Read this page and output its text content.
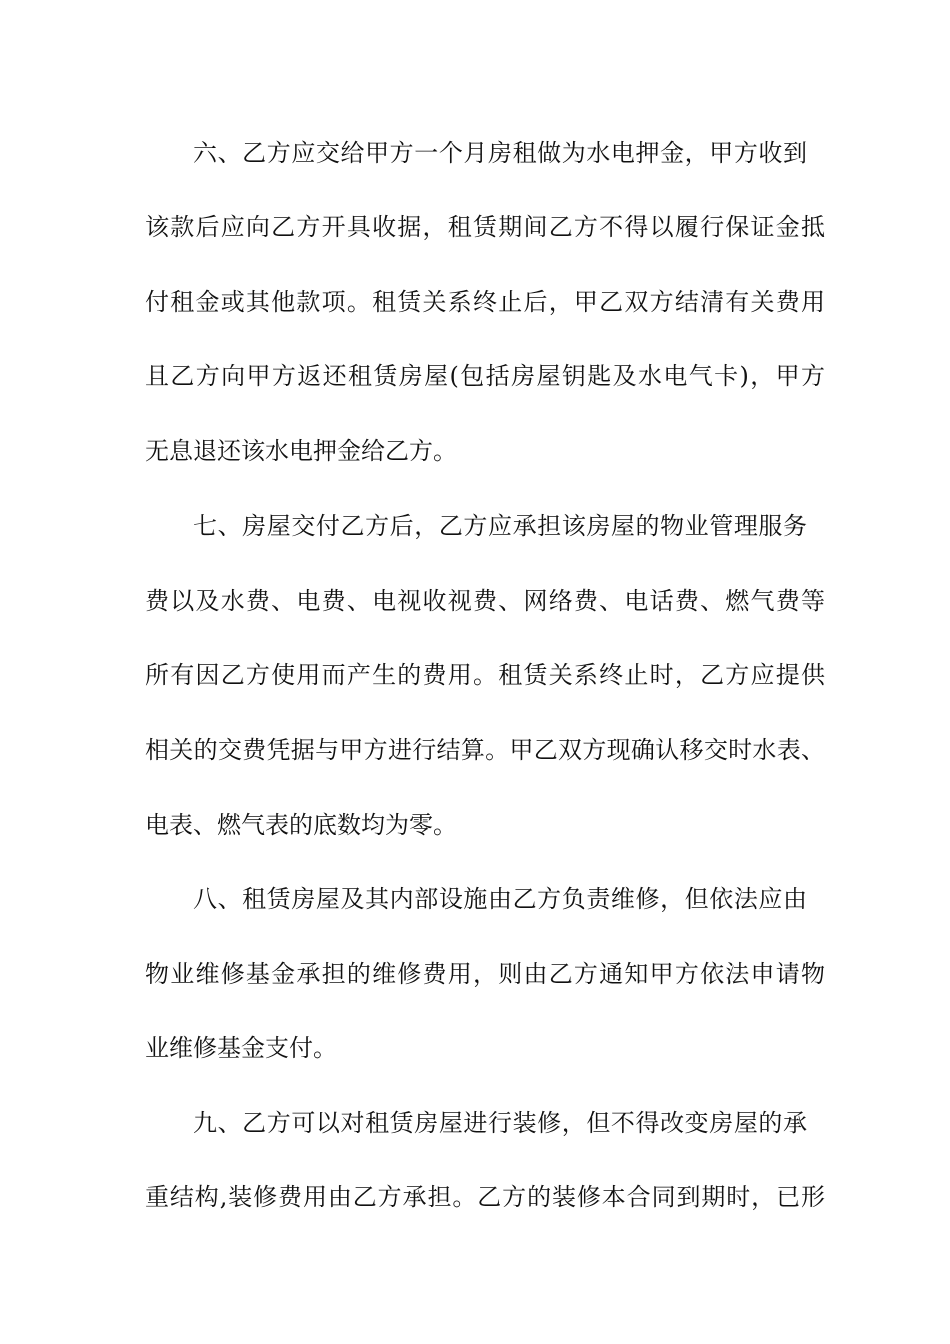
六、乙方应交给甲方一个月房租做为水电押金，甲方收到
该款后应向乙方开具收据，租赁期间乙方不得以履行保证金抵
付租金或其他款项。租赁关系终止后，甲乙双方结清有关费用
且乙方向甲方返还租赁房屋(包括房屋钥匙及水电气卡)，甲方
无息退还该水电押金给乙方。
七、房屋交付乙方后，乙方应承担该房屋的物业管理服务
费以及水费、电费、电视收视费、网络费、电话费、燃气费等
所有因乙方使用而产生的费用。租赁关系终止时，乙方应提供
相关的交费凭据与甲方进行结算。甲乙双方现确认移交时水表、
电表、燃气表的底数均为零。
八、租赁房屋及其内部设施由乙方负责维修，但依法应由
物业维修基金承担的维修费用，则由乙方通知甲方依法申请物
业维修基金支付。
九、乙方可以对租赁房屋进行装修，但不得改变房屋的承
重结构,装修费用由乙方承担。乙方的装修本合同到期时，已形
